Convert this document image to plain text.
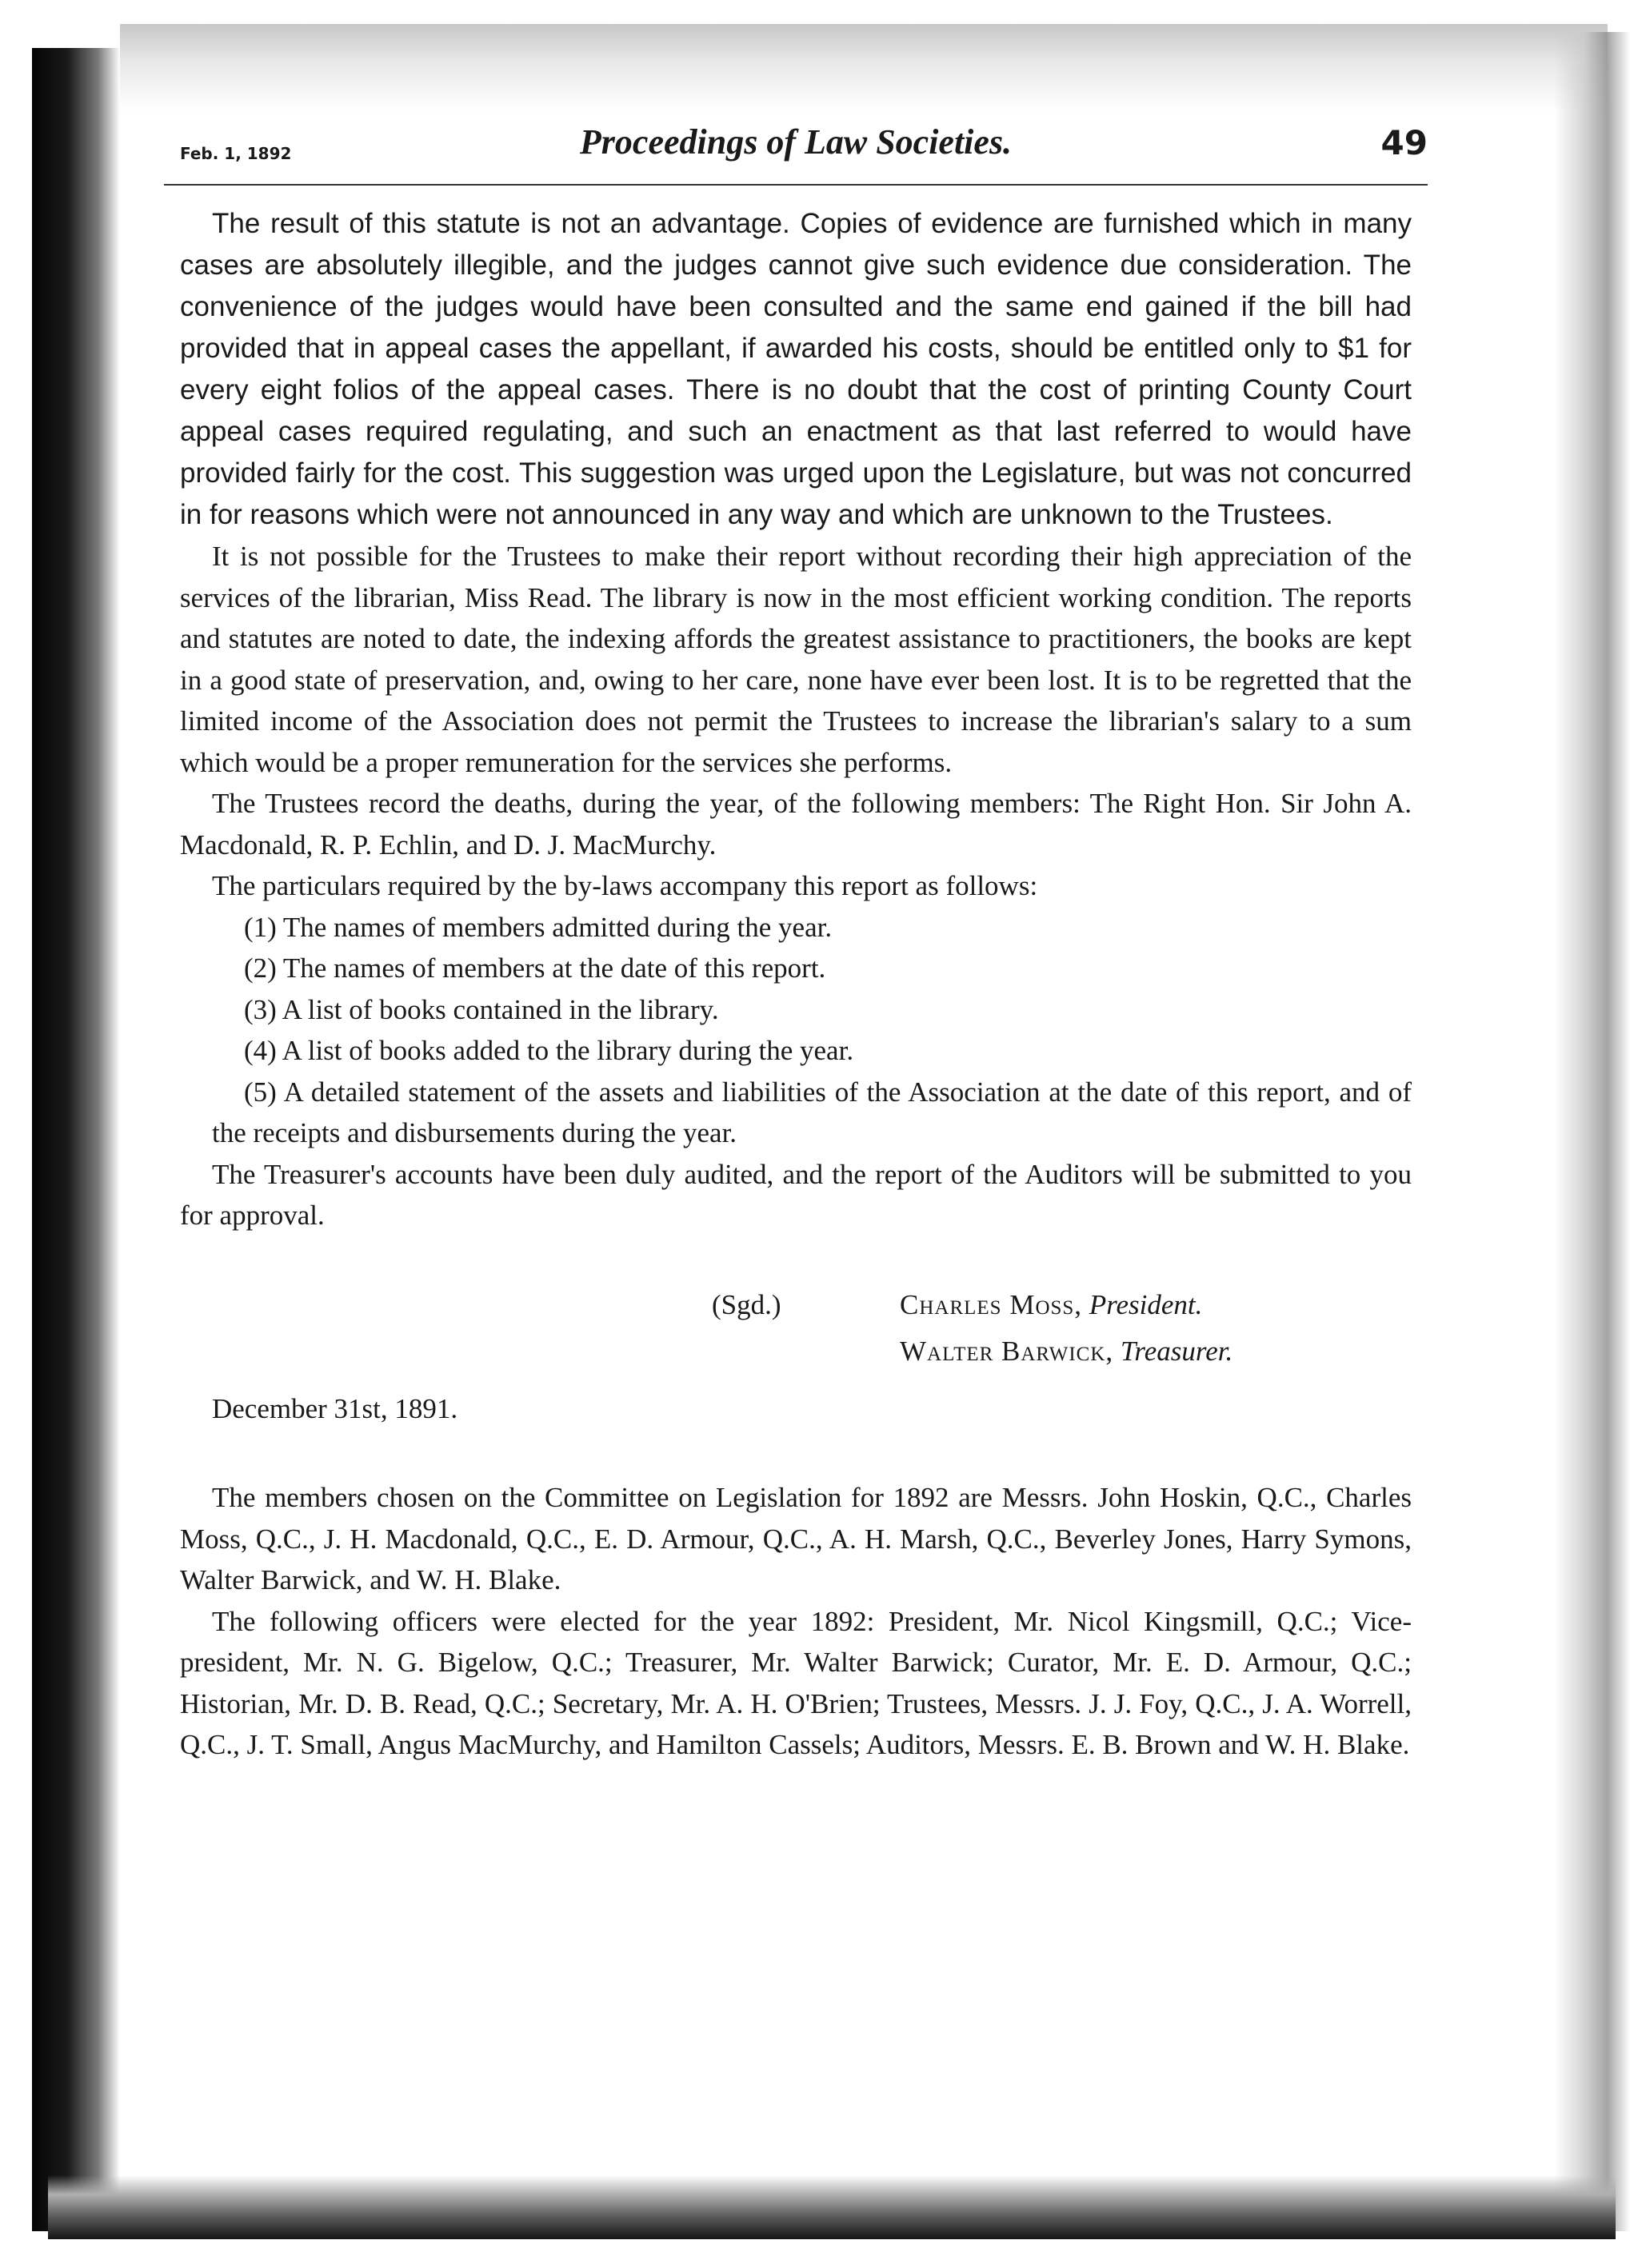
Feb. 1, 1892	Proceedings of Law Societies.	49

The result of this statute is not an advantage. Copies of evidence are furnished which in many cases are absolutely illegible, and the judges cannot give such evidence due consideration. The convenience of the judges would have been consulted and the same end gained if the bill had provided that in appeal cases the appellant, if awarded his costs, should be entitled only to $1 for every eight folios of the appeal cases. There is no doubt that the cost of printing County Court appeal cases required regulating, and such an enactment as that last referred to would have provided fairly for the cost. This suggestion was urged upon the Legislature, but was not concurred in for reasons which were not announced in any way and which are unknown to the Trustees.

It is not possible for the Trustees to make their report without recording their high appreciation of the services of the librarian, Miss Read. The library is now in the most efficient working condition. The reports and statutes are noted to date, the indexing affords the greatest assistance to practitioners, the books are kept in a good state of preservation, and, owing to her care, none have ever been lost. It is to be regretted that the limited income of the Association does not permit the Trustees to increase the librarian's salary to a sum which would be a proper remuneration for the services she performs.

The Trustees record the deaths, during the year, of the following members: The Right Hon. Sir John A. Macdonald, R. P. Echlin, and D. J. MacMurchy.

The particulars required by the by-laws accompany this report as follows:

(1) The names of members admitted during the year.

(2) The names of members at the date of this report.

(3) A list of books contained in the library.

(4) A list of books added to the library during the year.

(5) A detailed statement of the assets and liabilities of the Association at the date of this report, and of the receipts and disbursements during the year.

The Treasurer's accounts have been duly audited, and the report of the Auditors will be submitted to you for approval.

(Sgd.)	Charles Moss, President.
Walter Barwick, Treasurer.

December 31st, 1891.

The members chosen on the Committee on Legislation for 1892 are Messrs. John Hoskin, Q.C., Charles Moss, Q.C., J. H. Macdonald, Q.C., E. D. Armour, Q.C., A. H. Marsh, Q.C., Beverley Jones, Harry Symons, Walter Barwick, and W. H. Blake.

The following officers were elected for the year 1892: President, Mr. Nicol Kingsmill, Q.C.; Vice-president, Mr. N. G. Bigelow, Q.C.; Treasurer, Mr. Walter Barwick; Curator, Mr. E. D. Armour, Q.C.; Historian, Mr. D. B. Read, Q.C.; Secretary, Mr. A. H. O'Brien; Trustees, Messrs. J. J. Foy, Q.C., J. A. Worrell, Q.C., J. T. Small, Angus MacMurchy, and Hamilton Cassels; Auditors, Messrs. E. B. Brown and W. H. Blake.
